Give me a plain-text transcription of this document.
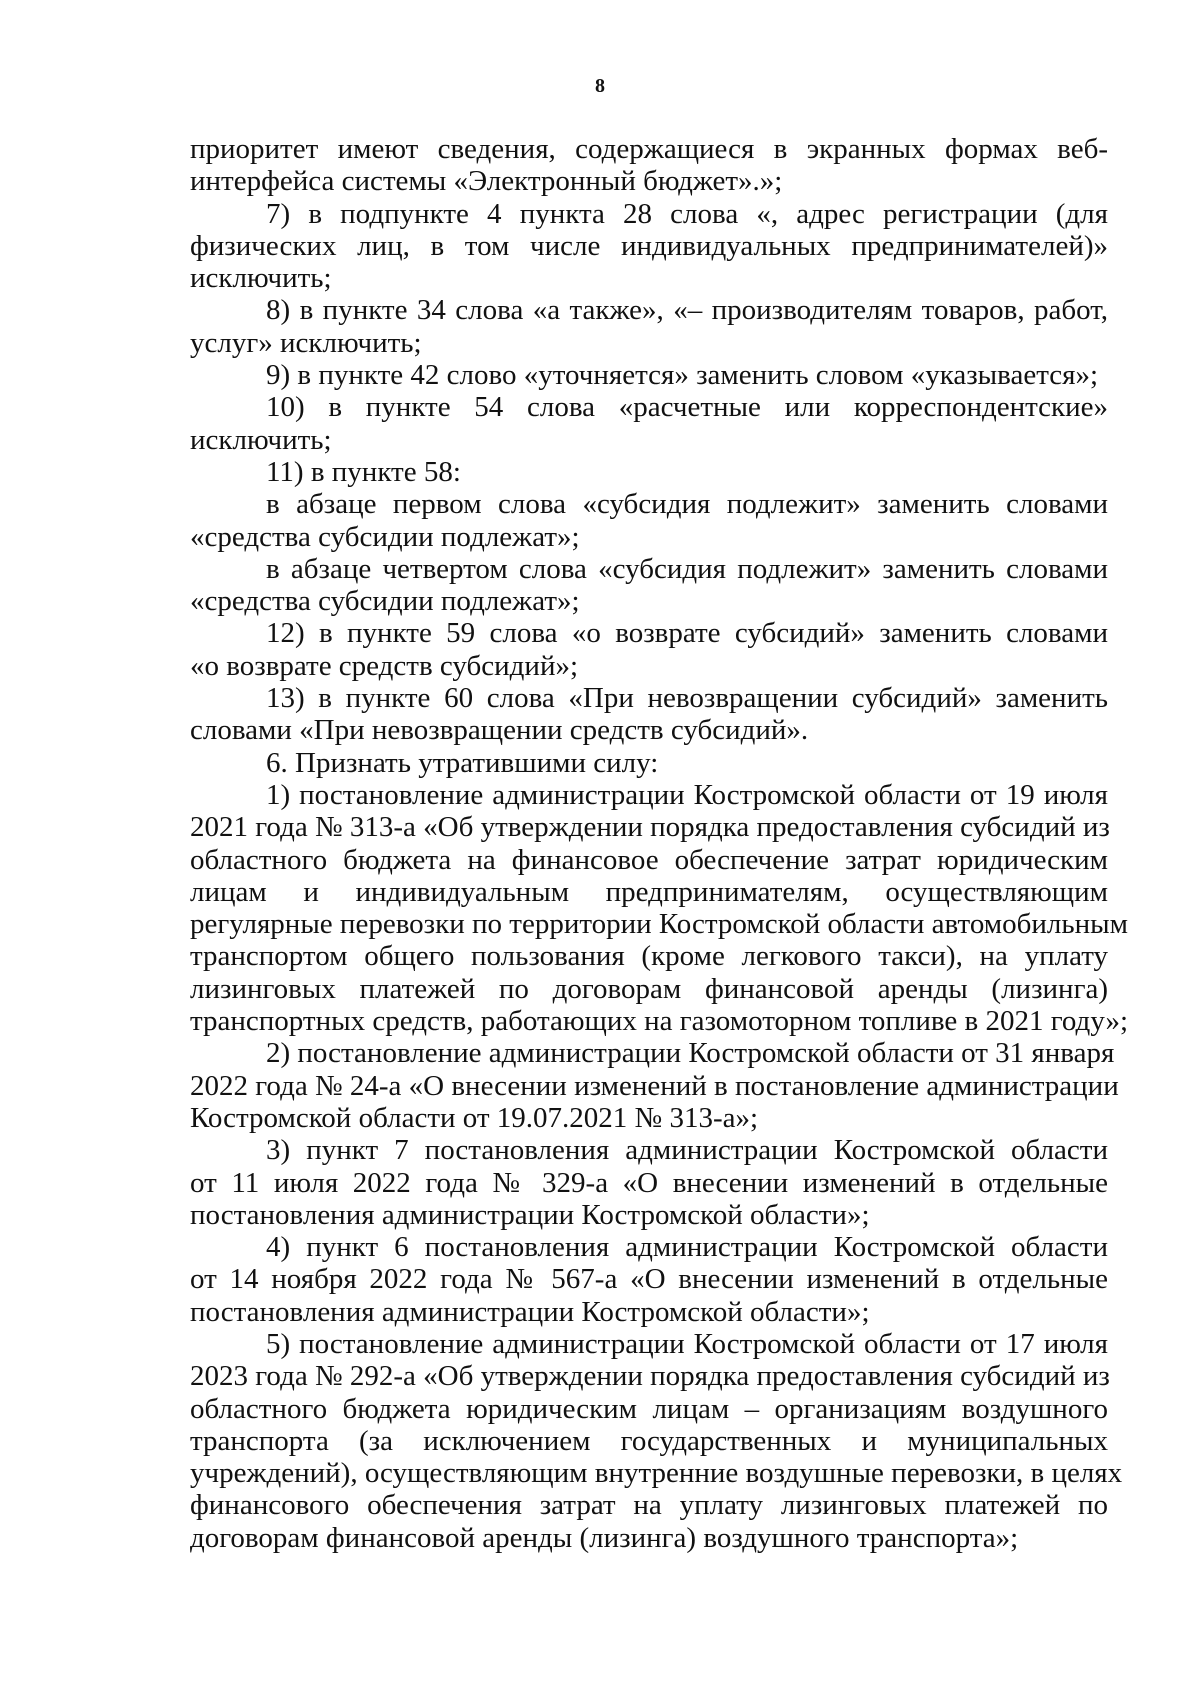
8
приоритет имеют сведения, содержащиеся в экранных формах веб-
интерфейса системы «Электронный бюджет».»;
7) в подпункте 4 пункта 28 слова «, адрес регистрации (для
физических лиц, в том числе индивидуальных предпринимателей)»
исключить;
8) в пункте 34 слова «а также», «– производителям товаров, работ,
услуг» исключить;
9) в пункте 42 слово «уточняется» заменить словом «указывается»;
10) в пункте 54 слова «расчетные или корреспондентские»
исключить;
11) в пункте 58:
в абзаце первом слова «субсидия подлежит» заменить словами
«средства субсидии подлежат»;
в абзаце четвертом слова «субсидия подлежит» заменить словами
«средства субсидии подлежат»;
12) в пункте 59 слова «о возврате субсидий» заменить словами
«о возврате средств субсидий»;
13) в пункте 60 слова «При невозвращении субсидий» заменить
словами «При невозвращении средств субсидий».
6. Признать утратившими силу:
1) постановление администрации Костромской области от 19 июля
2021 года № 313-а «Об утверждении порядка предоставления субсидий из
областного бюджета на финансовое обеспечение затрат юридическим
лицам и индивидуальным предпринимателям, осуществляющим
регулярные перевозки по территории Костромской области автомобильным
транспортом общего пользования (кроме легкового такси), на уплату
лизинговых платежей по договорам финансовой аренды (лизинга)
транспортных средств, работающих на газомоторном топливе в 2021 году»;
2) постановление администрации Костромской области от 31 января
2022 года № 24-а «О внесении изменений в постановление администрации
Костромской области от 19.07.2021 № 313-а»;
3) пункт 7 постановления администрации Костромской области
от 11 июля 2022 года № 329-а «О внесении изменений в отдельные
постановления администрации Костромской области»;
4) пункт 6 постановления администрации Костромской области
от 14 ноября 2022 года № 567-а «О внесении изменений в отдельные
постановления администрации Костромской области»;
5) постановление администрации Костромской области от 17 июля
2023 года № 292-а «Об утверждении порядка предоставления субсидий из
областного бюджета юридическим лицам – организациям воздушного
транспорта (за исключением государственных и муниципальных
учреждений), осуществляющим внутренние воздушные перевозки, в целях
финансового обеспечения затрат на уплату лизинговых платежей по
договорам финансовой аренды (лизинга) воздушного транспорта»;
